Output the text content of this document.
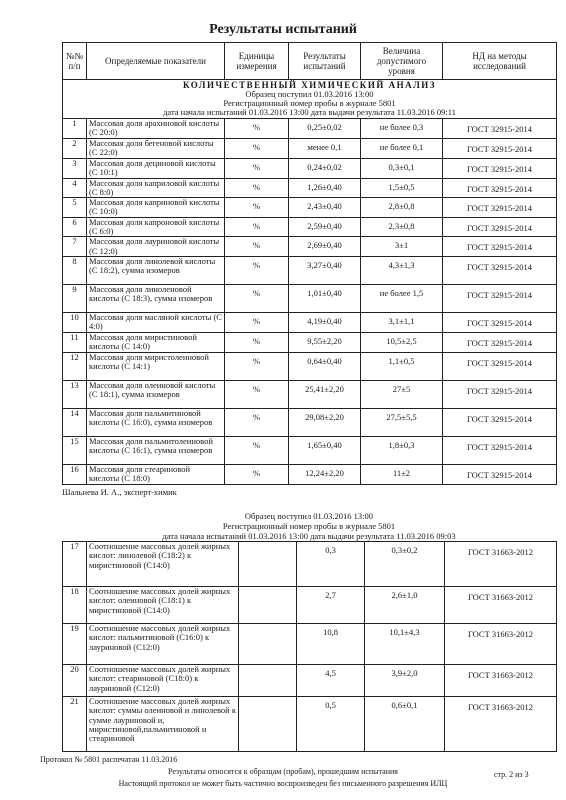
Результаты испытаний
№№ п/п	Определяемые показатели	Единицы измерения	Результаты испытаний	Величина допустимого уровня	НД на методы исследований

КОЛИЧЕСТВЕННЫЙ ХИМИЧЕСКИЙ АНАЛИЗ
Образец поступил 01.03.2016 13:00
Регистрационный номер пробы в журнале 5801
дата начала испытаний 01.03.2016 13:00 дата выдачи результата 11.03.2016 09:11					

1	Массовая доля арахиновой кислоты (С 20:0)	%	0,25±0,02	не более 0,3	ГОСТ 32915-2014
2	Массовая доля бегеновой кислоты (С 22:0)	%	менее 0,1	не более 0,1	ГОСТ 32915-2014
3	Массовая доля дециновой кислоты (С 10:1)	%	0,24±0,02	0,3±0,1	ГОСТ 32915-2014
4	Массовая доля каприловой кислоты (С 8:0)	%	1,26±0,40	1,5±0,5	ГОСТ 32915-2014
5	Массовая доля каприновой кислоты (С 10:0)	%	2,43±0,40	2,8±0,8	ГОСТ 32915-2014
6	Массовая доля капроновой кислоты (С 6:0)	%	2,59±0,40	2,3±0,8	ГОСТ 32915-2014
7	Массовая доля лауриновой кислоты (С 12:0)	%	2,69±0,40	3±1	ГОСТ 32915-2014
8	Массовая доля линолевой кислоты (С 18:2), сумма изомеров	%	3,27±0,40	4,3±1,3	ГОСТ 32915-2014
9	Массовая доля линоленовой кислоты (С 18:3), сумма изомеров	%	1,01±0,40	не более 1,5	ГОСТ 32915-2014
10	Массовая доля масляной кислоты (С 4:0)	%	4,19±0,40	3,1±1,1	ГОСТ 32915-2014
11	Массовая доля миристиновой кислоты (С 14:0)	%	9,55±2,20	10,5±2,5	ГОСТ 32915-2014
12	Массовая доля миристолеиновой кислоты (С 14:1)	%	0,64±0,40	1,1±0,5	ГОСТ 32915-2014
13	Массовая доля олеиновой кислоты (С 18:1), сумма изомеров	%	25,41±2,20	27±5	ГОСТ 32915-2014
14	Массовая доля пальмитиновой кислоты (С 16:0), сумма изомеров	%	29,08±2,20	27,5±5,5	ГОСТ 32915-2014
15	Массовая доля пальмитолеиновой кислоты (С 16:1), сумма изомеров	%	1,65±0,40	1,8±0,3	ГОСТ 32915-2014
16	Массовая доля стеариновой кислоты (С 18:0)	%	12,24±2,20	11±2	ГОСТ 32915-2014
Шальнева И. А., эксперт-химик
Образец поступил 01.03.2016 13:00
Регистрационный номер пробы в журнале 5801
дата начала испытаний 01.03.2016 13:00 дата выдачи результата 11.03.2016 09:03
17	Соотношение массовых долей жирных кислот: линолевой (С18:2) к миристиновой (С14:0)		0,3	0,3±0,2	ГОСТ 31663-2012
18	Соотношение массовых долей жирных кислот: олеиновой (С18:1) к миристиновой (С14:0)		2,7	2,6±1,0	ГОСТ 31663-2012
19	Соотношение массовых долей жирных кислот: пальмитиновой (С16:0) к лауриновой (С12:0)		10,8	10,1±4,3	ГОСТ 31663-2012
20	Соотношение массовых долей жирных кислот: стеариновой (С18:0) к лауриновой (С12:0)		4,5	3,9±2,0	ГОСТ 31663-2012
21	Соотношение массовых долей жирных кислот: суммы олеиновой и линолевой к сумме лауриновой и, миристиновой,пальмитиновой и стеариновой		0,5	0,6±0,1	ГОСТ 31663-2012
Протокол № 5801 распечатан 11.03.2016
Результаты относятся к образцам (пробам), прошедшим испытания	стр. 2 из 3
Настоящий протокол не может быть частично воспроизведен без письменного разрешения ИЛЦ
